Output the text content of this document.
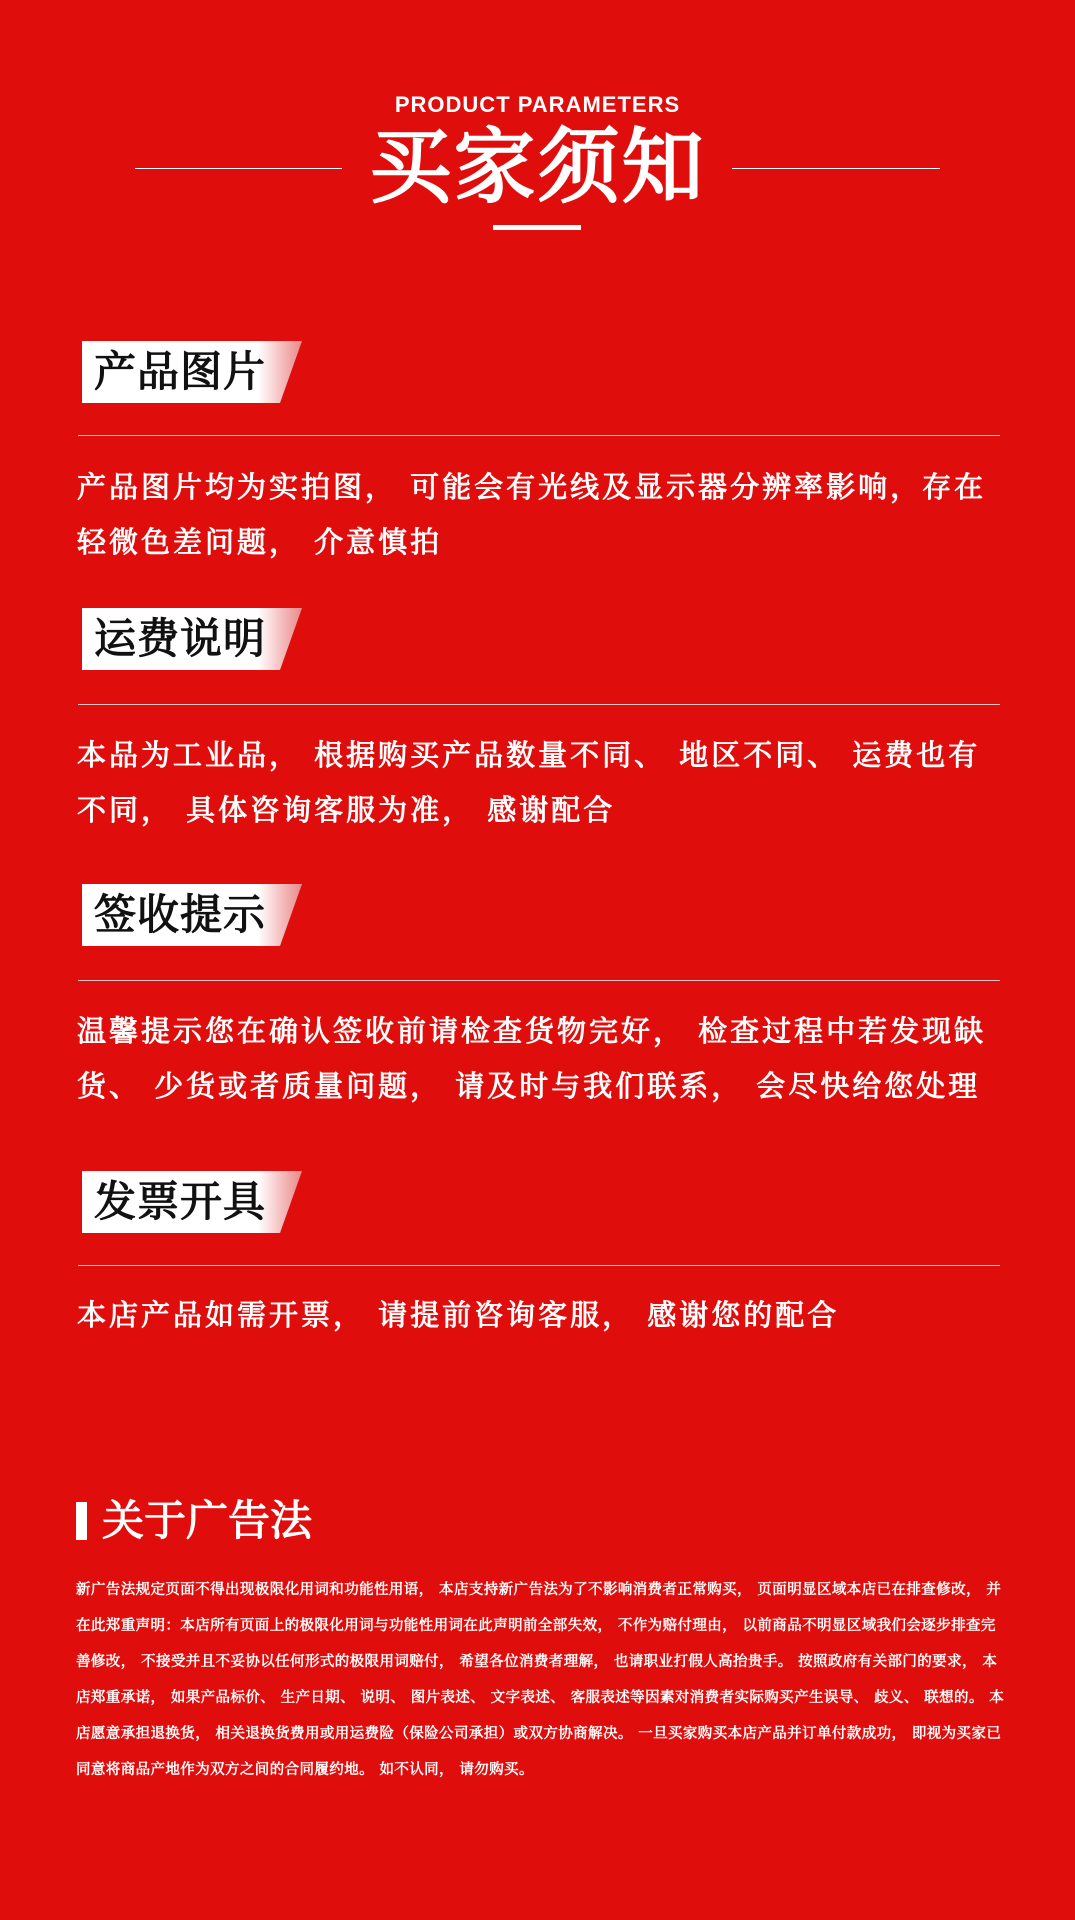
PRODUCT PARAMETERS
买家须知
产品图片
产品图片均为实拍图， 可能会有光线及显示器分辨率影响，存在轻微色差问题， 介意慎拍
运费说明
本品为工业品， 根据购买产品数量不同、 地区不同、 运费也有不同， 具体咨询客服为准， 感谢配合
签收提示
温馨提示您在确认签收前请检查货物完好， 检查过程中若发现缺货、 少货或者质量问题， 请及时与我们联系， 会尽快给您处理
发票开具
本店产品如需开票， 请提前咨询客服， 感谢您的配合
关于广告法
新广告法规定页面不得出现极限化用词和功能性用语， 本店支持新广告法为了不影响消费者正常购买， 页面明显区域本店已在排查修改， 并在此郑重声明：本店所有页面上的极限化用词与功能性用词在此声明前全部失效， 不作为赔付理由， 以前商品不明显区域我们会逐步排查完善修改， 不接受并且不妥协以任何形式的极限用词赔付， 希望各位消费者理解， 也请职业打假人高抬贵手。 按照政府有关部门的要求， 本店郑重承诺， 如果产品标价、 生产日期、 说明、 图片表述、 文字表述、 客服表述等因素对消费者实际购买产生误导、 歧义、 联想的。 本店愿意承担退换货， 相关退换货费用或用运费险（保险公司承担）或双方协商解决。 一旦买家购买本店产品并订单付款成功， 即视为买家已同意将商品产地作为双方之间的合同履约地。 如不认同， 请勿购买。
